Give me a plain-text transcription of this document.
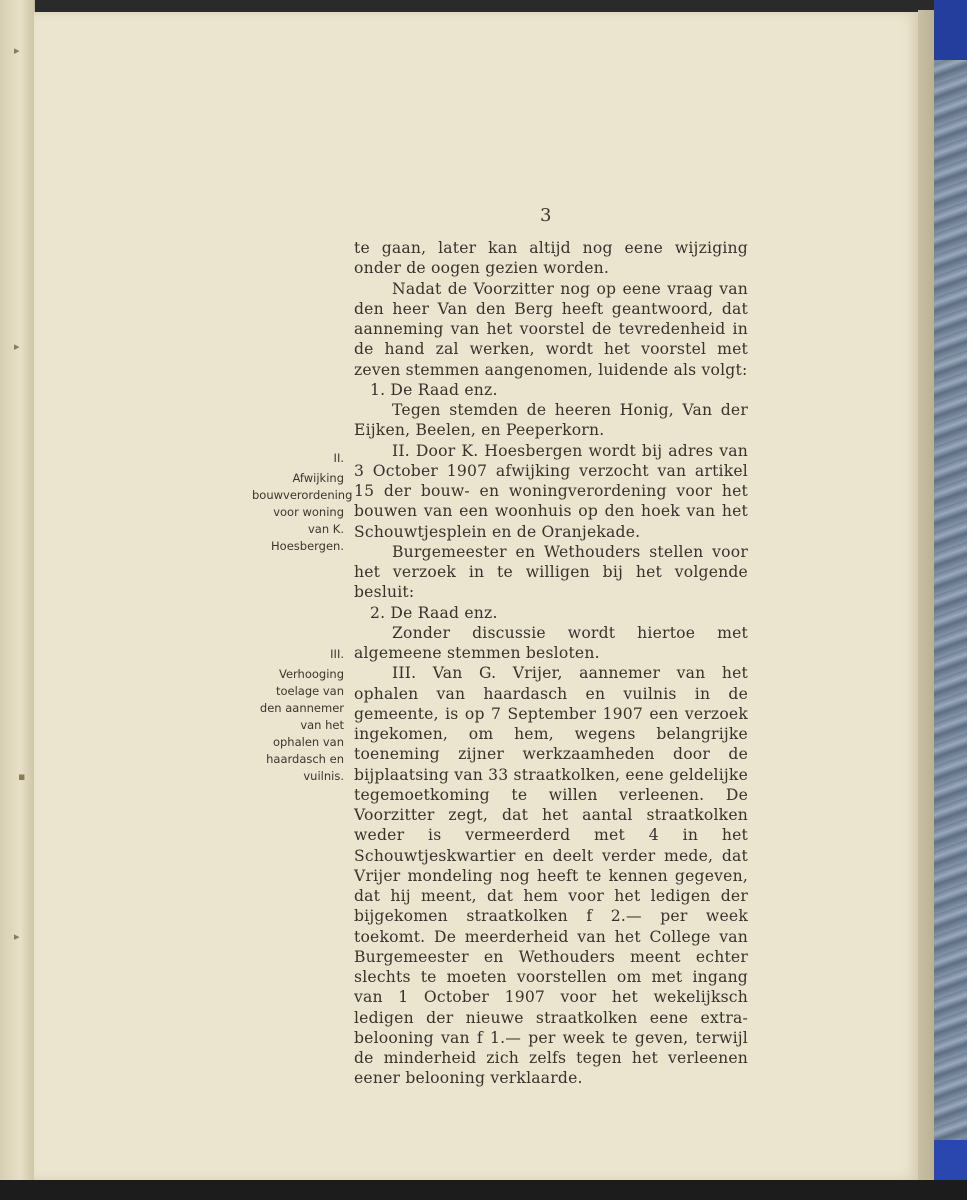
▸
▸
▪
▸
3
II.
Afwijking bouwverordening voor woning van K. Hoesbergen.
III.
Verhooging toelage van den aannemer van het ophalen van haardasch en vuilnis.

te gaan, later kan altijd nog eene wijziging onder de oogen gezien worden.

Nadat de Voorzitter nog op eene vraag van den heer Van den Berg heeft geantwoord, dat aanneming van het voorstel de tevredenheid in de hand zal werken, wordt het voorstel met zeven stemmen aangenomen, luidende als volgt:

1. De Raad enz.

Tegen stemden de heeren Honig, Van der Eijken, Beelen, en Peeperkorn.

II. Door K. Hoesbergen wordt bij adres van 3 October 1907 afwijking verzocht van artikel 15 der bouw- en woningverordening voor het bouwen van een woonhuis op den hoek van het Schouwtjesplein en de Oranjekade.

Burgemeester en Wethouders stellen voor het verzoek in te willigen bij het volgende besluit:

2. De Raad enz.

Zonder discussie wordt hiertoe met algemeene stemmen besloten.

III. Van G. Vrijer, aannemer van het ophalen van haardasch en vuilnis in de gemeente, is op 7 September 1907 een verzoek ingekomen, om hem, wegens belangrijke toeneming zijner werkzaamheden door de bijplaatsing van 33 straatkolken, eene geldelijke tegemoetkoming te willen verleenen. De Voorzitter zegt, dat het aantal straatkolken weder is vermeerderd met 4 in het Schouwtjeskwartier en deelt verder mede, dat Vrijer mondeling nog heeft te kennen gegeven, dat hij meent, dat hem voor het ledigen der bijgekomen straatkolken f 2.— per week toekomt. De meerderheid van het College van Burgemeester en Wethouders meent echter slechts te moeten voorstellen om met ingang van 1 October 1907 voor het wekelijksch ledigen der nieuwe straatkolken eene extra-belooning van f 1.— per week te geven, terwijl de minderheid zich zelfs tegen het verleenen eener belooning verklaarde.
